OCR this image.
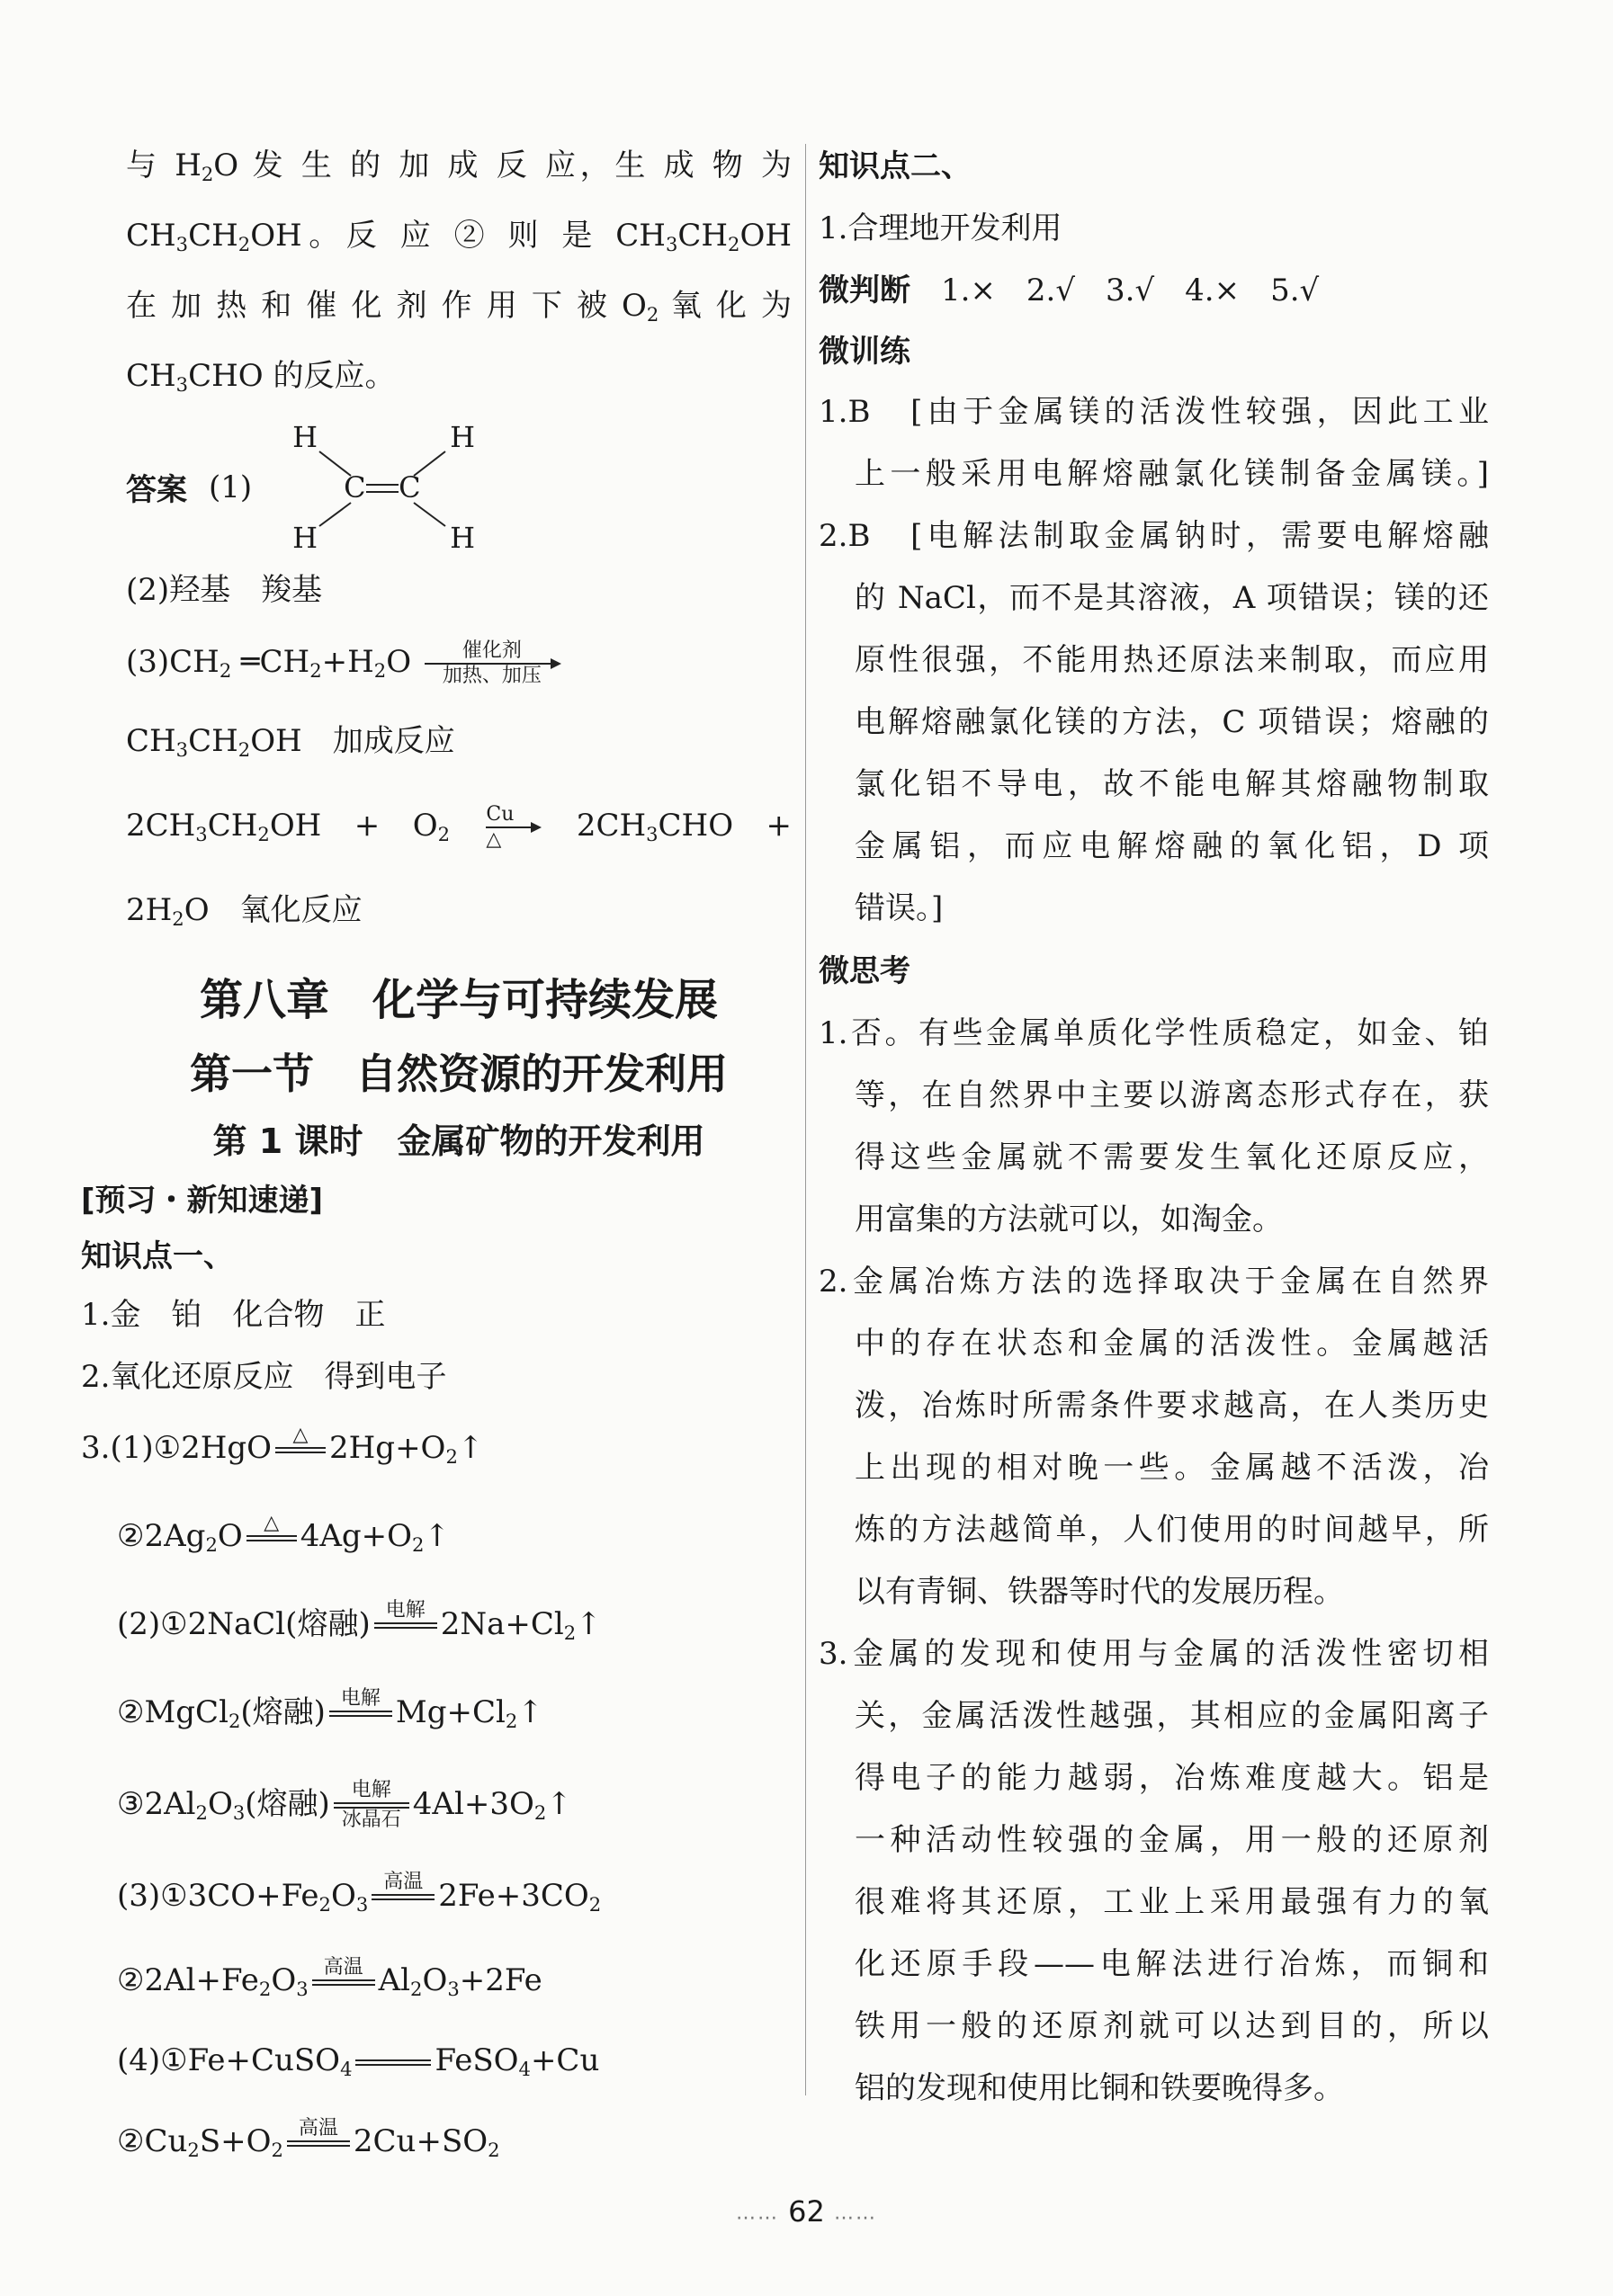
与 $H_2O$ 发 生 的 加 成 反 应，生 成 物 为
$CH_3CH_2OH$。反 应 ② 则 是 $CH_3CH_2OH$
在 加 热 和 催 化 剂 作 用 下 被 $O_2$ 氧 化 为
$CH_3CHO$ 的反应。
答案 (1)
H	H
C C
H	H
(2)羟基　羧基
$(3)CH_2$ $═CH_2+H_2O$	催化剂
加热、加压
$CH_3CH_2OH$　 加成反应
$2CH_3CH_2OH + O_2$
Cu
△	$2CH_3CHO$ +
$2H_2O$　 氧化反应
第八章　化学与可持续发展
第一节　自然资源的开发利用
第 1 课时　金属矿物的开发利用
[预习・新知速递]
知识点一、
1.金　铂　化合物　正
2.氧化还原反应　得到电子
3.(1)①2HgO	△
$2Hg+O_2↑$
$②2Ag_2O$	△
$4Ag+O_2↑$
(2)①2NaCl(熔融) 电解
$2Na+Cl_2↑$
②MgCl$_2$(熔融) 电解
$Mg+Cl_2↑$
$③2Al_2O_3$(熔融)	电解
冰晶石 $4Al+3O_2↑$
$(3)①3CO+Fe_2O_3$
高温
$2Fe+3CO_2$
$②2Al+Fe_2O_3$
高温
$Al_2O_3+2Fe$
(4)①Fe+CuSO$_4$

	FeSO$_4$+Cu
$②Cu_2S+O_2$
高温
$2Cu+SO_2$
知识点二、
1.合理地开发利用
微判断　 1.×　2.√　3.√　4.×　5.√
微训练
1.B　[由于金属镁的活泼性较强，因此工业
上一般采用电解熔融氯化镁制备金属镁。]
2.B　[电解法制取金属钠时，需要电解熔融
的 NaCl，而不是其溶液，A 项错误；镁的还
原性很强，不能用热还原法来制取，而应用
电解熔融氯化镁的方法，C 项错误；熔融的
氯化铝不导电，故不能电解其熔融物制取
金属铝，而应电解熔融的氧化铝，D 项
错误。]
微思考
1.否。有些金属单质化学性质稳定，如金、铂
等，在自然界中主要以游离态形式存在，获
得这些金属就不需要发生氧化还原反应，
用富集的方法就可以，如淘金。
2.金属冶炼方法的选择取决于金属在自然界
中的存在状态和金属的活泼性。金属越活
泼，冶炼时所需条件要求越高，在人类历史
上出现的相对晚一些。金属越不活泼，冶
炼的方法越简单，人们使用的时间越早，所
以有青铜、铁器等时代的发展历程。
3.金属的发现和使用与金属的活泼性密切相
关，金属活泼性越强，其相应的金属阳离子
得电子的能力越弱，冶炼难度越大。铝是
一种活动性较强的金属，用一般的还原剂
很难将其还原，工业上采用最强有力的氧
化还原手段——电解法进行冶炼，而铜和
铁用一般的还原剂就可以达到目的，所以
铝的发现和使用比铜和铁要晚得多。
…… 62 ……
